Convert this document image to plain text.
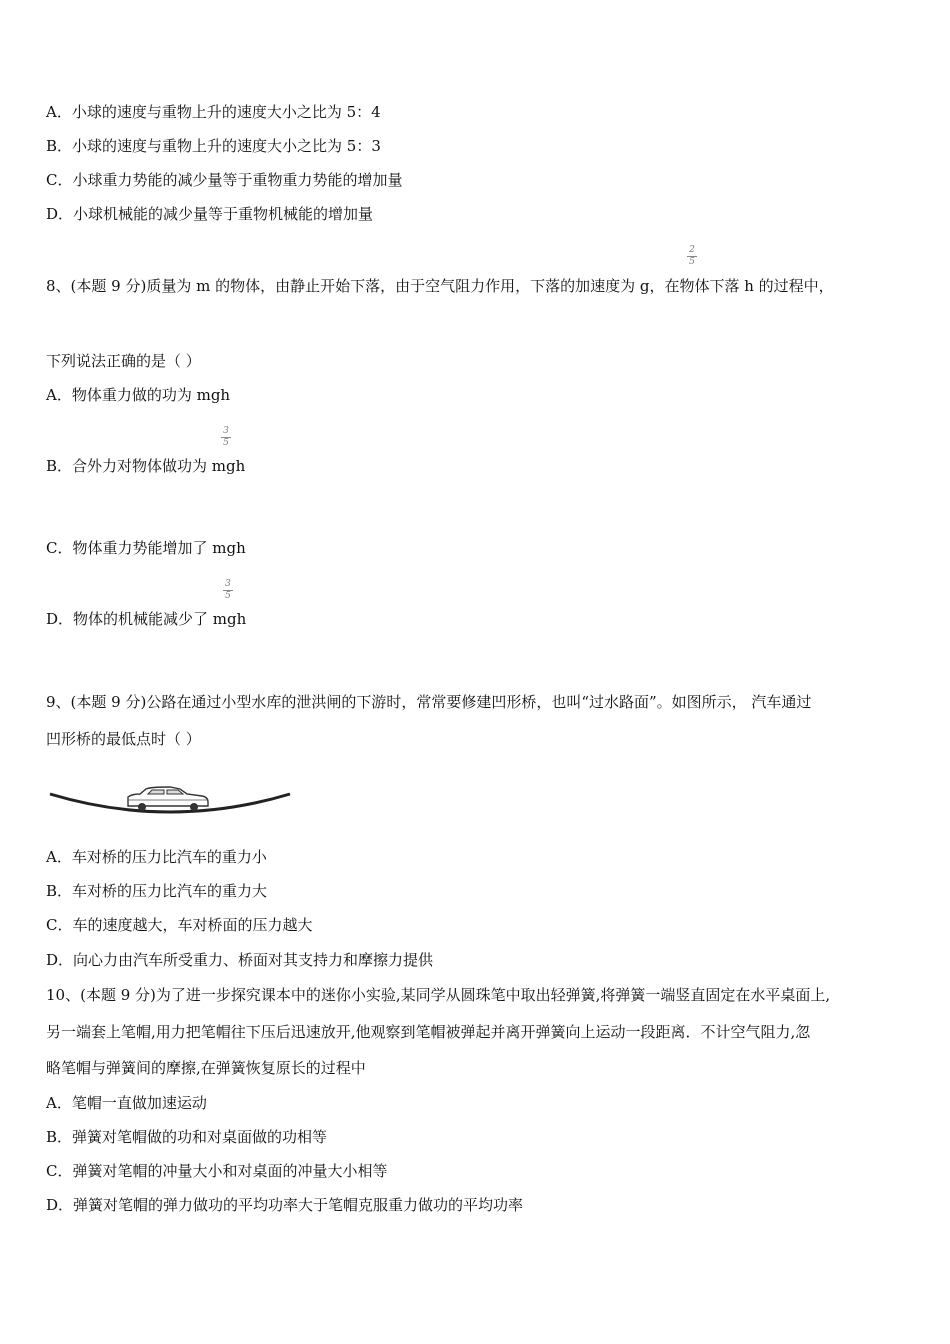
A．小球的速度与重物上升的速度大小之比为 5：4
B．小球的速度与重物上升的速度大小之比为 5：3
C．小球重力势能的减少量等于重物重力势能的增加量
D．小球机械能的减少量等于重物机械能的增加量
2
5
8、(本题 9 分)质量为 m 的物体，由静止开始下落，由于空气阻力作用，下落的加速度为 g，在物体下落 h 的过程中，
下列说法正确的是（ ）
A．物体重力做的功为 mgh
3
5
B．合外力对物体做功为 mgh
C．物体重力势能增加了 mgh
3
5
D．物体的机械能减少了 mgh
9、(本题 9 分)公路在通过小型水库的泄洪闸的下游时，常常要修建凹形桥，也叫“过水路面”。如图所示， 汽车通过
凹形桥的最低点时（ ）
A．车对桥的压力比汽车的重力小
B．车对桥的压力比汽车的重力大
C．车的速度越大，车对桥面的压力越大
D．向心力由汽车所受重力、桥面对其支持力和摩擦力提供
10、(本题 9 分)为了进一步探究课本中的迷你小实验,某同学从圆珠笔中取出轻弹簧,将弹簧一端竖直固定在水平桌面上,
另一端套上笔帽,用力把笔帽往下压后迅速放开,他观察到笔帽被弹起并离开弹簧向上运动一段距离．不计空气阻力,忽
略笔帽与弹簧间的摩擦,在弹簧恢复原长的过程中
A．笔帽一直做加速运动
B．弹簧对笔帽做的功和对桌面做的功相等
C．弹簧对笔帽的冲量大小和对桌面的冲量大小相等
D．弹簧对笔帽的弹力做功的平均功率大于笔帽克服重力做功的平均功率
